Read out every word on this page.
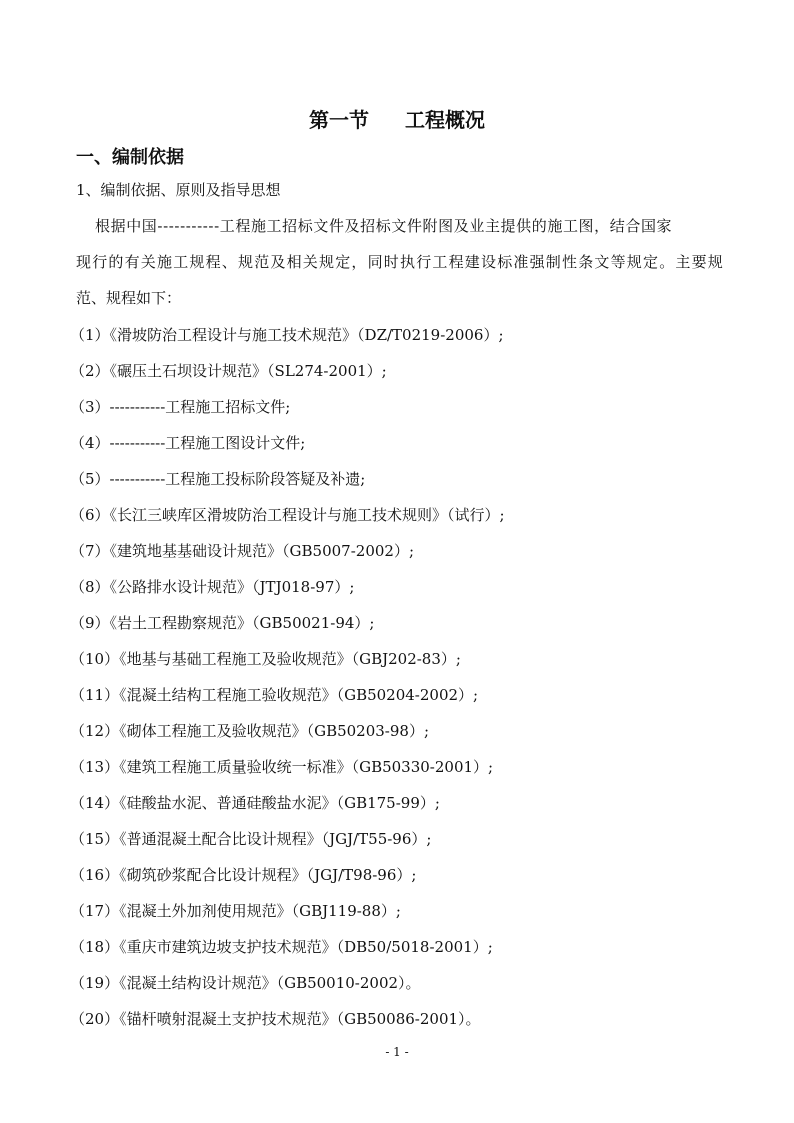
第一节 工程概况
一、编制依据
1、编制依据、原则及指导思想
根据中国-----------工程施工招标文件及招标文件附图及业主提供的施工图，结合国家
现行的有关施工规程、规范及相关规定，同时执行工程建设标准强制性条文等规定。主要规
范、规程如下：
（1）《滑坡防治工程设计与施工技术规范》（DZ/T0219-2006）;
（2）《碾压土石坝设计规范》（SL274-2001）;
（3）-----------工程施工招标文件;
（4）-----------工程施工图设计文件;
（5）-----------工程施工投标阶段答疑及补遗;
（6）《长江三峡库区滑坡防治工程设计与施工技术规则》（试行）;
（7）《建筑地基基础设计规范》（GB5007-2002）;
（8）《公路排水设计规范》（JTJ018-97）;
（9）《岩土工程勘察规范》（GB50021-94）;
（10）《地基与基础工程施工及验收规范》（GBJ202-83）;
（11）《混凝土结构工程施工验收规范》（GB50204-2002）;
（12）《砌体工程施工及验收规范》（GB50203-98）;
（13）《建筑工程施工质量验收统一标准》（GB50330-2001）;
（14）《硅酸盐水泥、普通硅酸盐水泥》（GB175-99）;
（15）《普通混凝土配合比设计规程》（JGJ/T55-96）;
（16）《砌筑砂浆配合比设计规程》（JGJ/T98-96）;
（17）《混凝土外加剂使用规范》（GBJ119-88）;
（18）《重庆市建筑边坡支护技术规范》（DB50/5018-2001）;
（19）《混凝土结构设计规范》（GB50010-2002）。
（20）《锚杆喷射混凝土支护技术规范》（GB50086-2001）。
- 1 -
